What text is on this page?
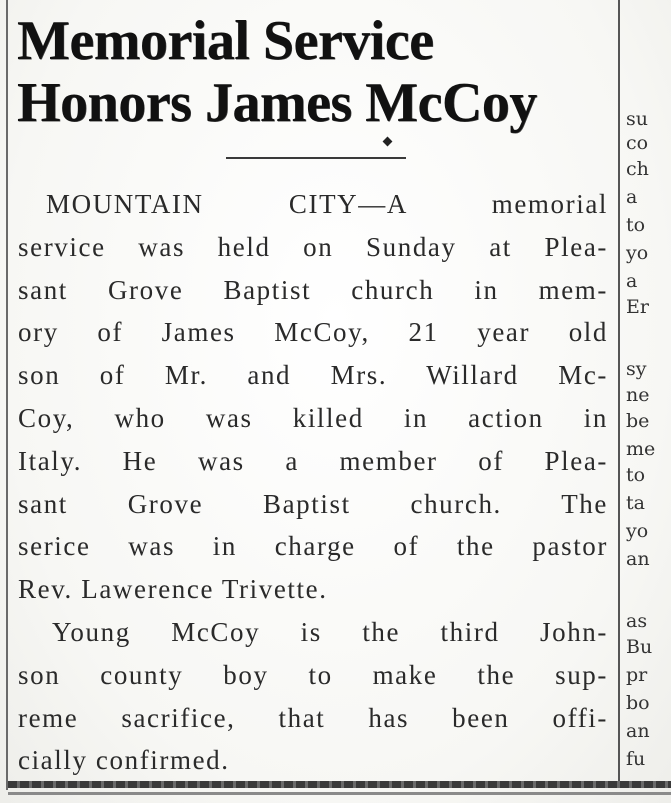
Memorial Service
Honors James McCoy

MOUNTAIN CITY—A memorial
service was held on Sunday at Plea-
sant Grove Baptist church in mem-
ory of James McCoy, 21 year old
son of Mr. and Mrs. Willard Mc-
Coy, who was killed in action in
Italy. He was a member of Plea-
sant Grove Baptist church. The
serice was in charge of the pastor
Rev. Lawerence Trivette.

Young McCoy is the third John-
son county boy to make the sup-
reme sacrifice, that has been offi-
cially confirmed.

su
co
ch
a
to
yo
a
Er
sy
ne
be
me
to
ta
yo
an
as
Bu
pr
bo
an
fu
